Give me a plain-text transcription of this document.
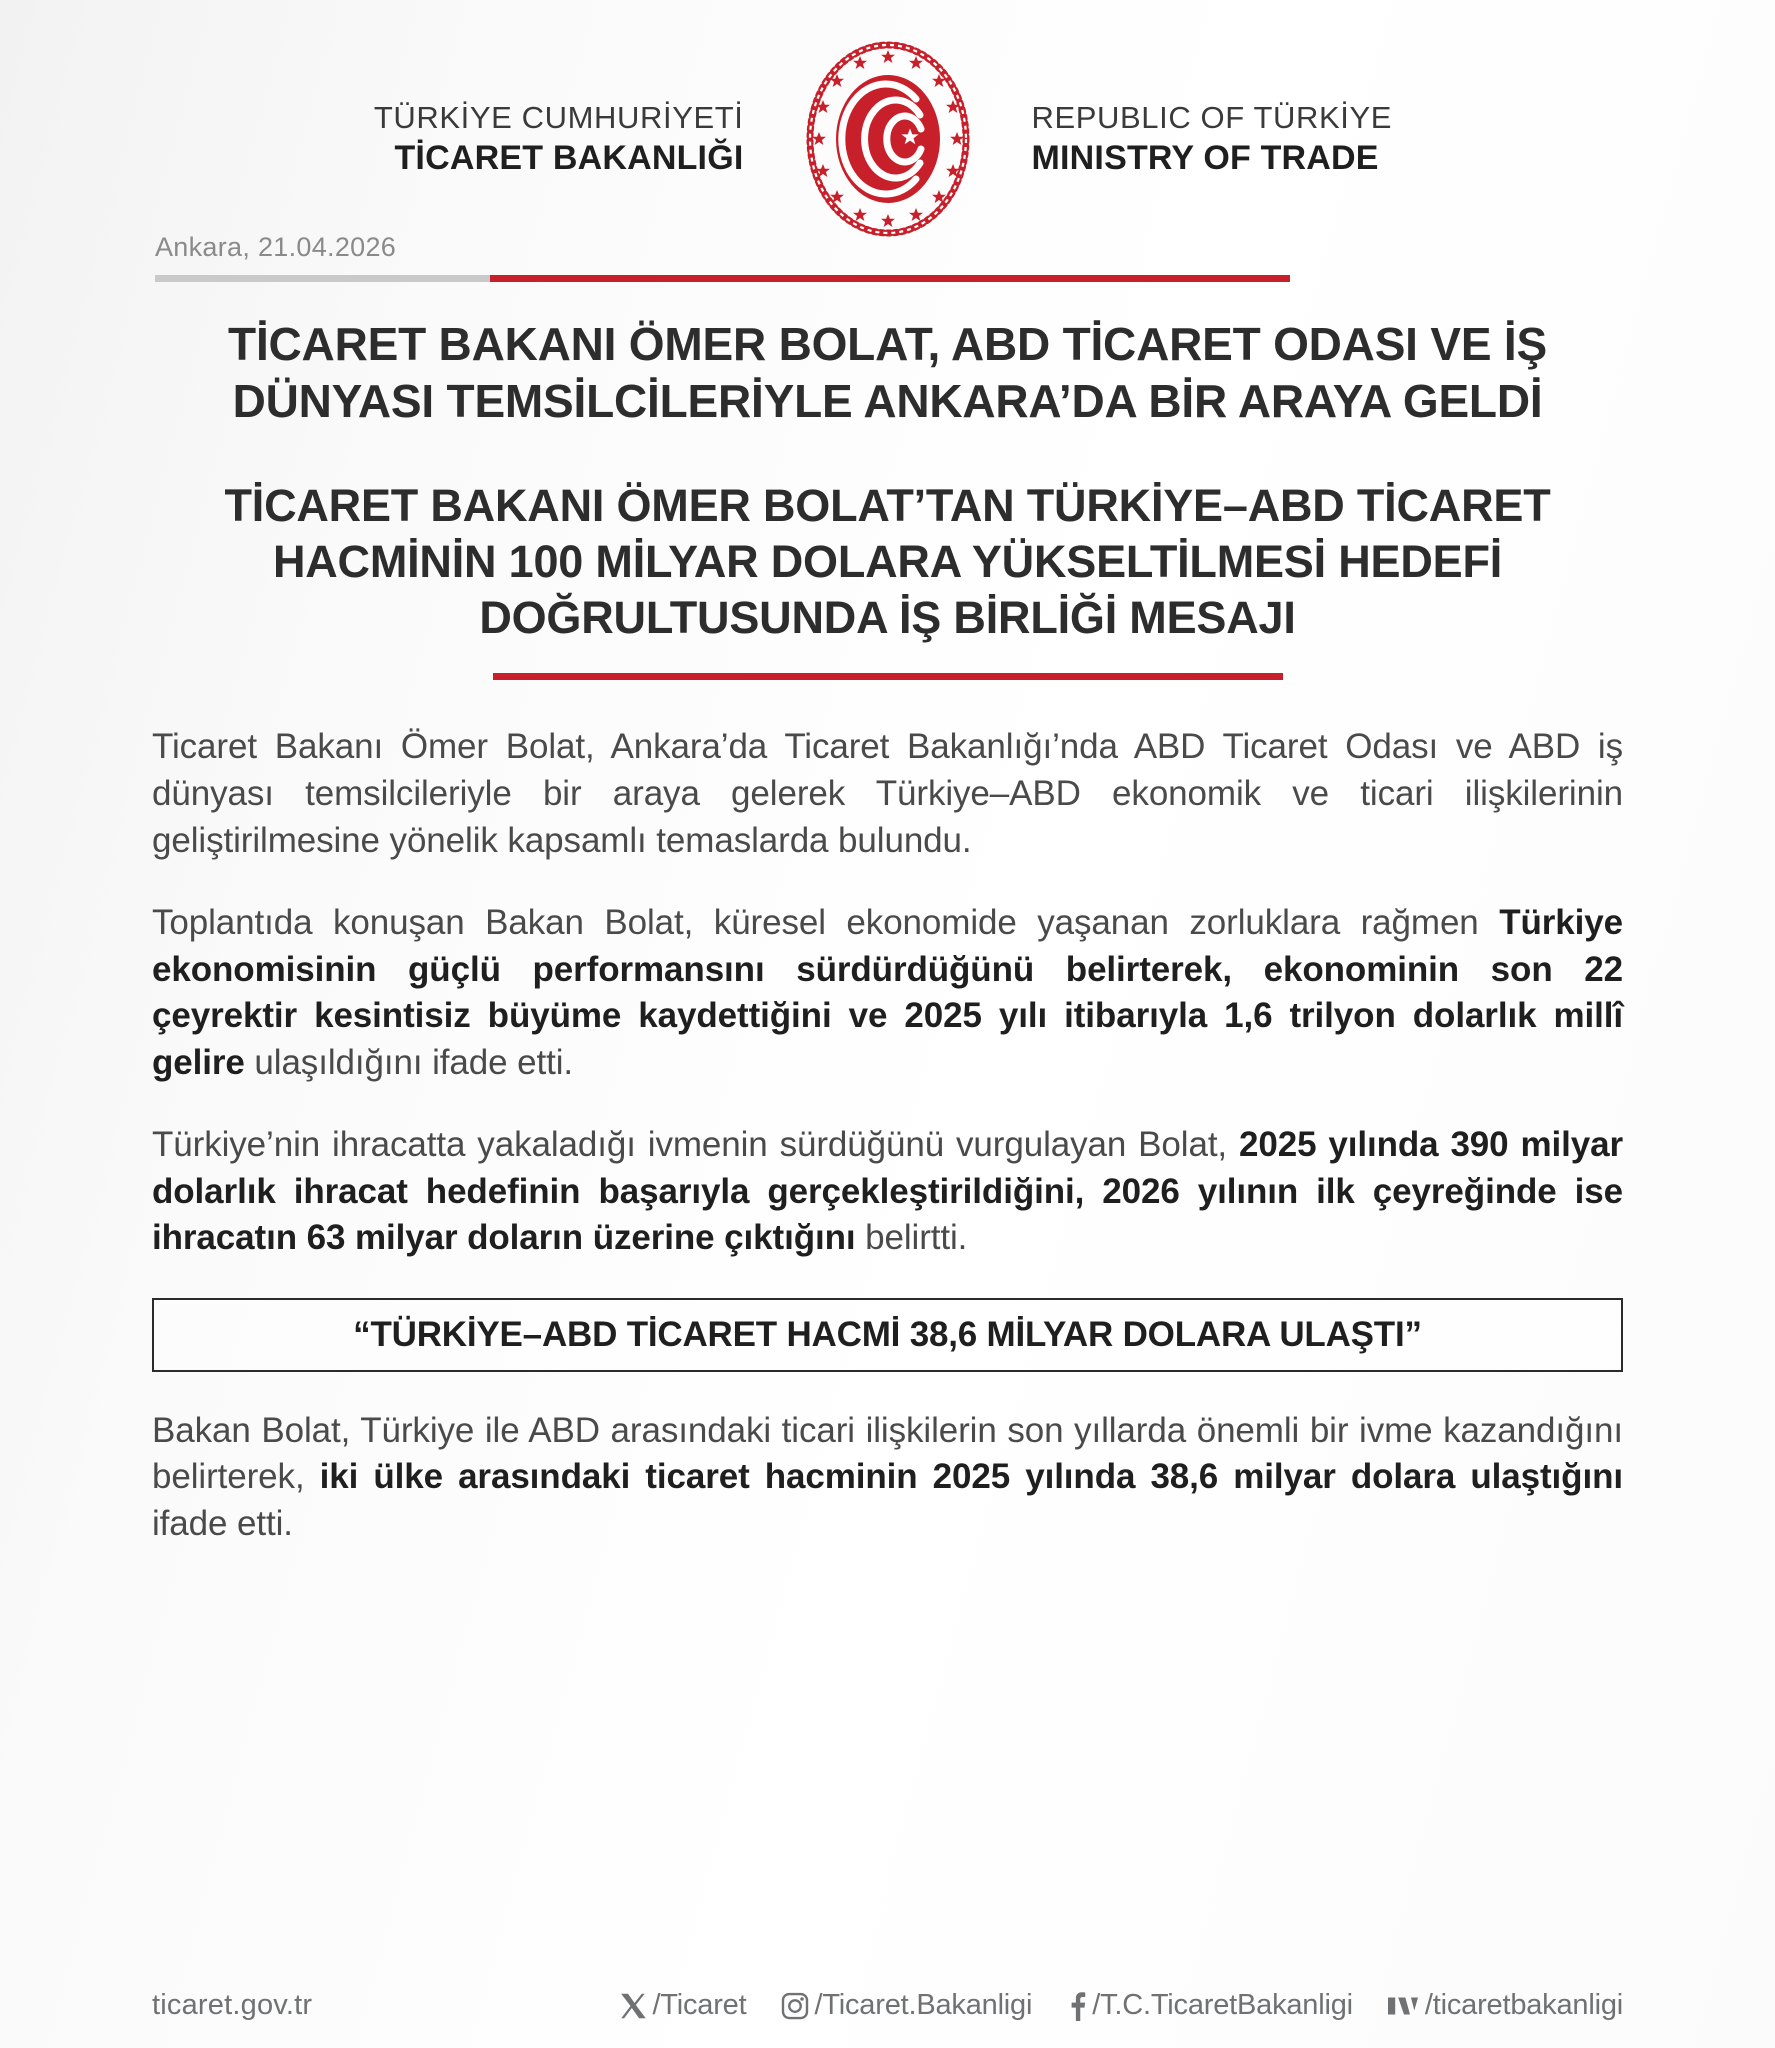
TÜRKİYE CUMHURİYETİ
TİCARET BAKANLIĞI
REPUBLIC OF TÜRKİYE
MINISTRY OF TRADE
Ankara, 21.04.2026
TİCARET BAKANI ÖMER BOLAT, ABD TİCARET ODASI VE İŞ DÜNYASI TEMSİLCİLERİYLE ANKARA’DA BİR ARAYA GELDİ
TİCARET BAKANI ÖMER BOLAT’TAN TÜRKİYE–ABD TİCARET HACMİNİN 100 MİLYAR DOLARA YÜKSELTİLMESİ HEDEFİ DOĞRULTUSUNDA İŞ BİRLİĞİ MESAJI

Ticaret Bakanı Ömer Bolat, Ankara’da Ticaret Bakanlığı’nda ABD Ticaret Odası ve ABD iş dünyası temsilcileriyle bir araya gelerek Türkiye–ABD ekonomik ve ticari ilişkilerinin geliştirilmesine yönelik kapsamlı temaslarda bulundu.

Toplantıda konuşan Bakan Bolat, küresel ekonomide yaşanan zorluklara rağmen Türkiye ekonomisinin güçlü performansını sürdürdüğünü belirterek, ekonominin son 22 çeyrektir kesintisiz büyüme kaydettiğini ve 2025 yılı itibarıyla 1,6 trilyon dolarlık millî gelire ulaşıldığını ifade etti.

Türkiye’nin ihracatta yakaladığı ivmenin sürdüğünü vurgulayan Bolat, 2025 yılında 390 milyar dolarlık ihracat hedefinin başarıyla gerçekleştirildiğini, 2026 yılının ilk çeyreğinde ise ihracatın 63 milyar doların üzerine çıktığını belirtti.

“TÜRKİYE–ABD TİCARET HACMİ 38,6 MİLYAR DOLARA ULAŞTI”

Bakan Bolat, Türkiye ile ABD arasındaki ticari ilişkilerin son yıllarda önemli bir ivme kazandığını belirterek, iki ülke arasındaki ticaret hacminin 2025 yılında 38,6 milyar dolara ulaştığını ifade etti.

ticaret.gov.tr	/Ticaret /Ticaret.Bakanligi /T.C.TicaretBakanligi /ticaretbakanligi
